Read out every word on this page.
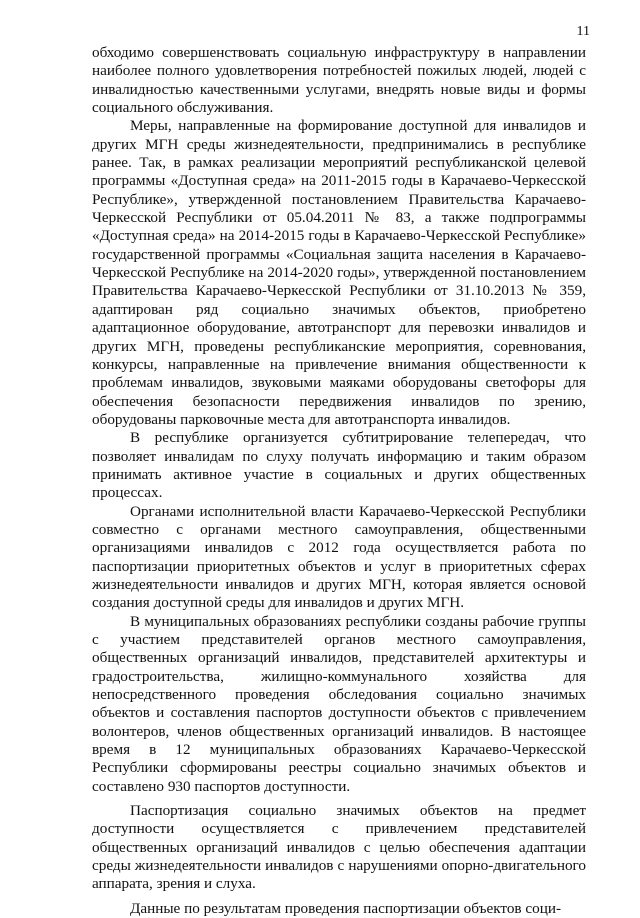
11

обходимо совершенствовать социальную инфраструктуру в направлении наиболее полного удовлетворения потребностей пожилых людей, людей с инвалидностью качественными услугами, внедрять новые виды и формы социального обслуживания.

Меры, направленные на формирование доступной для инвалидов и других МГН среды жизнедеятельности, предпринимались в республике ранее. Так, в рамках реализации мероприятий республиканской целевой программы «Доступная среда» на 2011-2015 годы в Карачаево-Черкесской Республике», утвержденной постановлением Правительства Карачаево-Черкесской Республики от 05.04.2011 № 83, а также подпрограммы «Доступная среда» на 2014-2015 годы в Карачаево-Черкесской Республике» государственной программы «Социальная защита населения в Карачаево-Черкесской Республике на 2014-2020 годы», утвержденной постановлением Правительства Карачаево-Черкесской Республики от 31.10.2013 № 359, адаптирован ряд социально значимых объектов, приобретено адаптационное оборудование, автотранспорт для перевозки инвалидов и других МГН, проведены республиканские мероприятия, соревнования, конкурсы, направленные на привлечение внимания общественности к проблемам инвалидов, звуковыми маяками оборудованы светофоры для обеспечения безопасности передвижения инвалидов по зрению, оборудованы парковочные места для автотранспорта инвалидов.

В республике организуется субтитрирование телепередач, что позволяет инвалидам по слуху получать информацию и таким образом принимать активное участие в социальных и других общественных процессах.

Органами исполнительной власти Карачаево-Черкесской Республики совместно с органами местного самоуправления, общественными организациями инвалидов с 2012 года осуществляется работа по паспортизации приоритетных объектов и услуг в приоритетных сферах жизнедеятельности инвалидов и других МГН, которая является основой создания доступной среды для инвалидов и других МГН.

В муниципальных образованиях республики созданы рабочие группы с участием представителей органов местного самоуправления, общественных организаций инвалидов, представителей архитектуры и градостроительства, жилищно-коммунального хозяйства для непосредственного проведения обследования социально значимых объектов и составления паспортов доступности объектов с привлечением волонтеров, членов общественных организаций инвалидов. В настоящее время в 12 муниципальных образованиях Карачаево-Черкесской Республики сформированы реестры социально значимых объектов и составлено 930 паспортов доступности.

Паспортизация социально значимых объектов на предмет доступности осуществляется с привлечением представителей общественных организаций инвалидов с целью обеспечения адаптации среды жизнедеятельности инвалидов с нарушениями опорно-двигательного аппарата, зрения и слуха.

Данные по результатам проведения паспортизации объектов соци-
